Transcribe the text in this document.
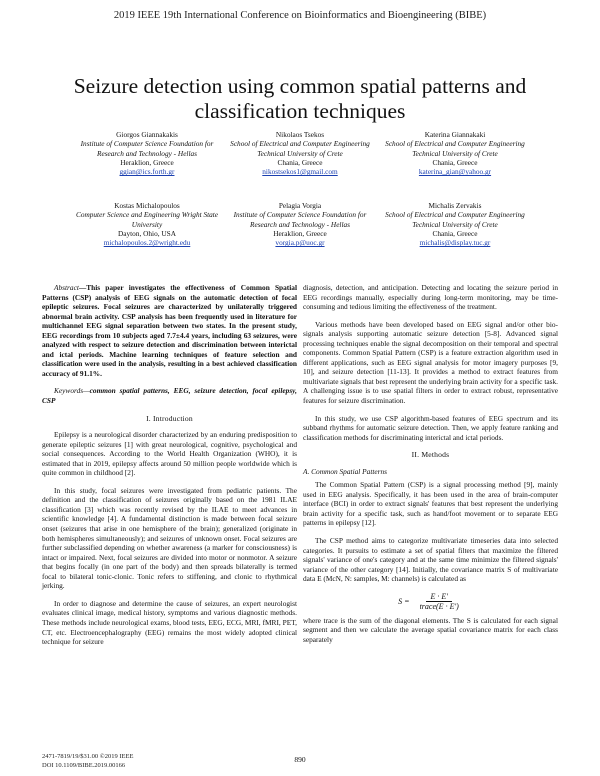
2019 IEEE 19th International Conference on Bioinformatics and Bioengineering (BIBE)
Seizure detection using common spatial patterns and classification techniques
Giorgos Giannakakis
Institute of Computer Science Foundation for Research and Technology - Hellas
Heraklion, Greece
ggian@ics.forth.gr
Nikolaos Tsekos
School of Electrical and Computer Engineering Technical University of Crete
Chania, Greece
nikostsekos1@gmail.com
Katerina Giannakaki
School of Electrical and Computer Engineering Technical University of Crete
Chania, Greece
katerina_gian@yahoo.gr
Kostas Michalopoulos
Computer Science and Engineering Wright State University
Dayton, Ohio, USA
michalopoulos.2@wright.edu
Pelagia Vorgia
Institute of Computer Science Foundation for Research and Technology - Hellas
Heraklion, Greece
vorgia.p@uoc.gr
Michalis Zervakis
School of Electrical and Computer Engineering Technical University of Crete
Chania, Greece
michalis@display.tuc.gr

Abstract—This paper investigates the effectiveness of Common Spatial Patterns (CSP) analysis of EEG signals on the automatic detection of focal epileptic seizures. Focal seizures are characterized by unilaterally triggered abnormal brain activity. CSP analysis has been frequently used in literature for multichannel EEG signal separation between two states. In the present study, EEG recordings from 10 subjects aged 7.7±4.4 years, including 63 seizures, were analyzed with respect to seizure detection and discrimination between interictal and ictal periods. Machine learning techniques of feature selection and classification were used in the analysis, resulting in a best achieved classification accuracy of 91.1%.

Keywords—common spatial patterns, EEG, seizure detection, focal epilepsy, CSP

I. Introduction

Epilepsy is a neurological disorder characterized by an enduring predisposition to generate epileptic seizures [1] with great neurological, cognitive, psychological and social consequences. According to the World Health Organization (WHO), it is estimated that in 2019, epilepsy affects around 50 million people worldwide which is quite common in childhood [2].

In this study, focal seizures were investigated from pediatric patients. The definition and the classification of seizures originally based on the 1981 ILAE classification [3] which was recently revised by the ILAE to meet advances in scientific knowledge [4]. A fundamental distinction is made between focal seizure onset (seizures that arise in one hemisphere of the brain); generalized (originate in both hemispheres simultaneously); and seizures of unknown onset. Focal seizures are further subclassified depending on whether awareness (a marker for consciousness) is intact or impaired. Next, focal seizures are divided into motor or nonmotor. A seizure that begins focally (in one part of the body) and then spreads bilaterally is termed focal to bilateral tonic-clonic. Tonic refers to stiffening, and clonic to rhythmical jerking.

In order to diagnose and determine the cause of seizures, an expert neurologist evaluates clinical image, medical history, symptoms and various diagnostic methods. These methods include neurological exams, blood tests, EEG, ECG, MRI, fMRI, PET, CT, etc. Electroencephalography (EEG) remains the most widely adopted clinical technique for seizure

diagnosis, detection, and anticipation. Detecting and locating the seizure period in EEG recordings manually, especially during long-term monitoring, may be time-consuming and tedious limiting the effectiveness of the treatment.

Various methods have been developed based on EEG signal and/or other bio-signals analysis supporting automatic seizure detection [5-8]. Advanced signal processing techniques enable the signal decomposition on their temporal and spectral components. Common Spatial Pattern (CSP) is a feature extraction algorithm used in different applications, such as EEG signal analysis for motor imagery purposes [9, 10], and seizure detection [11-13]. It provides a method to extract features from multivariate signals that best represent the underlying brain activity for a specific task. A challenging issue is to use spatial filters in order to extract robust, representative features for seizure discrimination.

In this study, we use CSP algorithm-based features of EEG spectrum and its subband rhythms for automatic seizure detection. Then, we apply feature ranking and classification methods for discriminating interictal and ictal periods.

II. Methods
A. Common Spatial Patterns

The Common Spatial Pattern (CSP) is a signal processing method [9], mainly used in EEG analysis. Specifically, it has been used in the area of brain-computer interface (BCI) in order to extract signals' features that best represent the underlying brain activity for a specific task, such as hand/foot movement or to separate EEG patterns in epilepsy [12].

The CSP method aims to categorize multivariate timeseries data into selected categories. It pursuits to estimate a set of spatial filters that maximize the filtered signals' variance of one's category and at the same time minimize the filtered signals' variance of the other category [14]. Initially, the covariance matrix S of multivariate data E (McN, N: samples, M: channels) is calculated as

$S = \frac{E \cdot E'}{\text{trace(E · E')}}$

where trace is the sum of the diagonal elements. The S is calculated for each signal segment and then we calculate the average spatial covariance matrix for each class separately

2471-7819/19/$31.00 ©2019 IEEE
DOI 10.1109/BIBE.2019.00166
890
